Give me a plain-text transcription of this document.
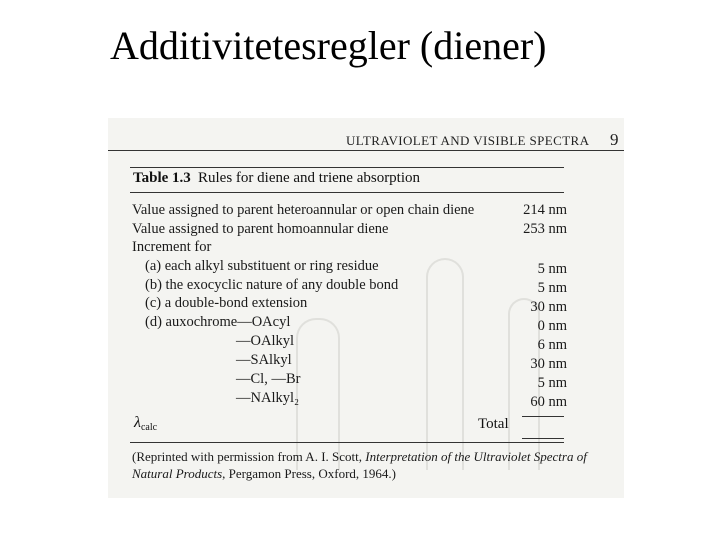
Additivitetesregler (diener)
ULTRAVIOLET AND VISIBLE SPECTRA 9
Table 1.3 Rules for diene and triene absorption
Value assigned to parent heteroannular or open chain diene	214 nm
Value assigned to parent homoannular diene	253 nm
Increment for
(a) each alkyl substituent or ring residue	5 nm
(b) the exocyclic nature of any double bond	5 nm
(c) a double-bond extension	30 nm
(d) auxochrome—OAcyl	0 nm
—OAlkyl	6 nm
—SAlkyl	30 nm
—Cl, —Br	5 nm
—NAlkyl₂	60 nm
λcalc	Total
(Reprinted with permission from A. I. Scott, Interpretation of the Ultraviolet Spectra of
Natural Products, Pergamon Press, Oxford, 1964.)
